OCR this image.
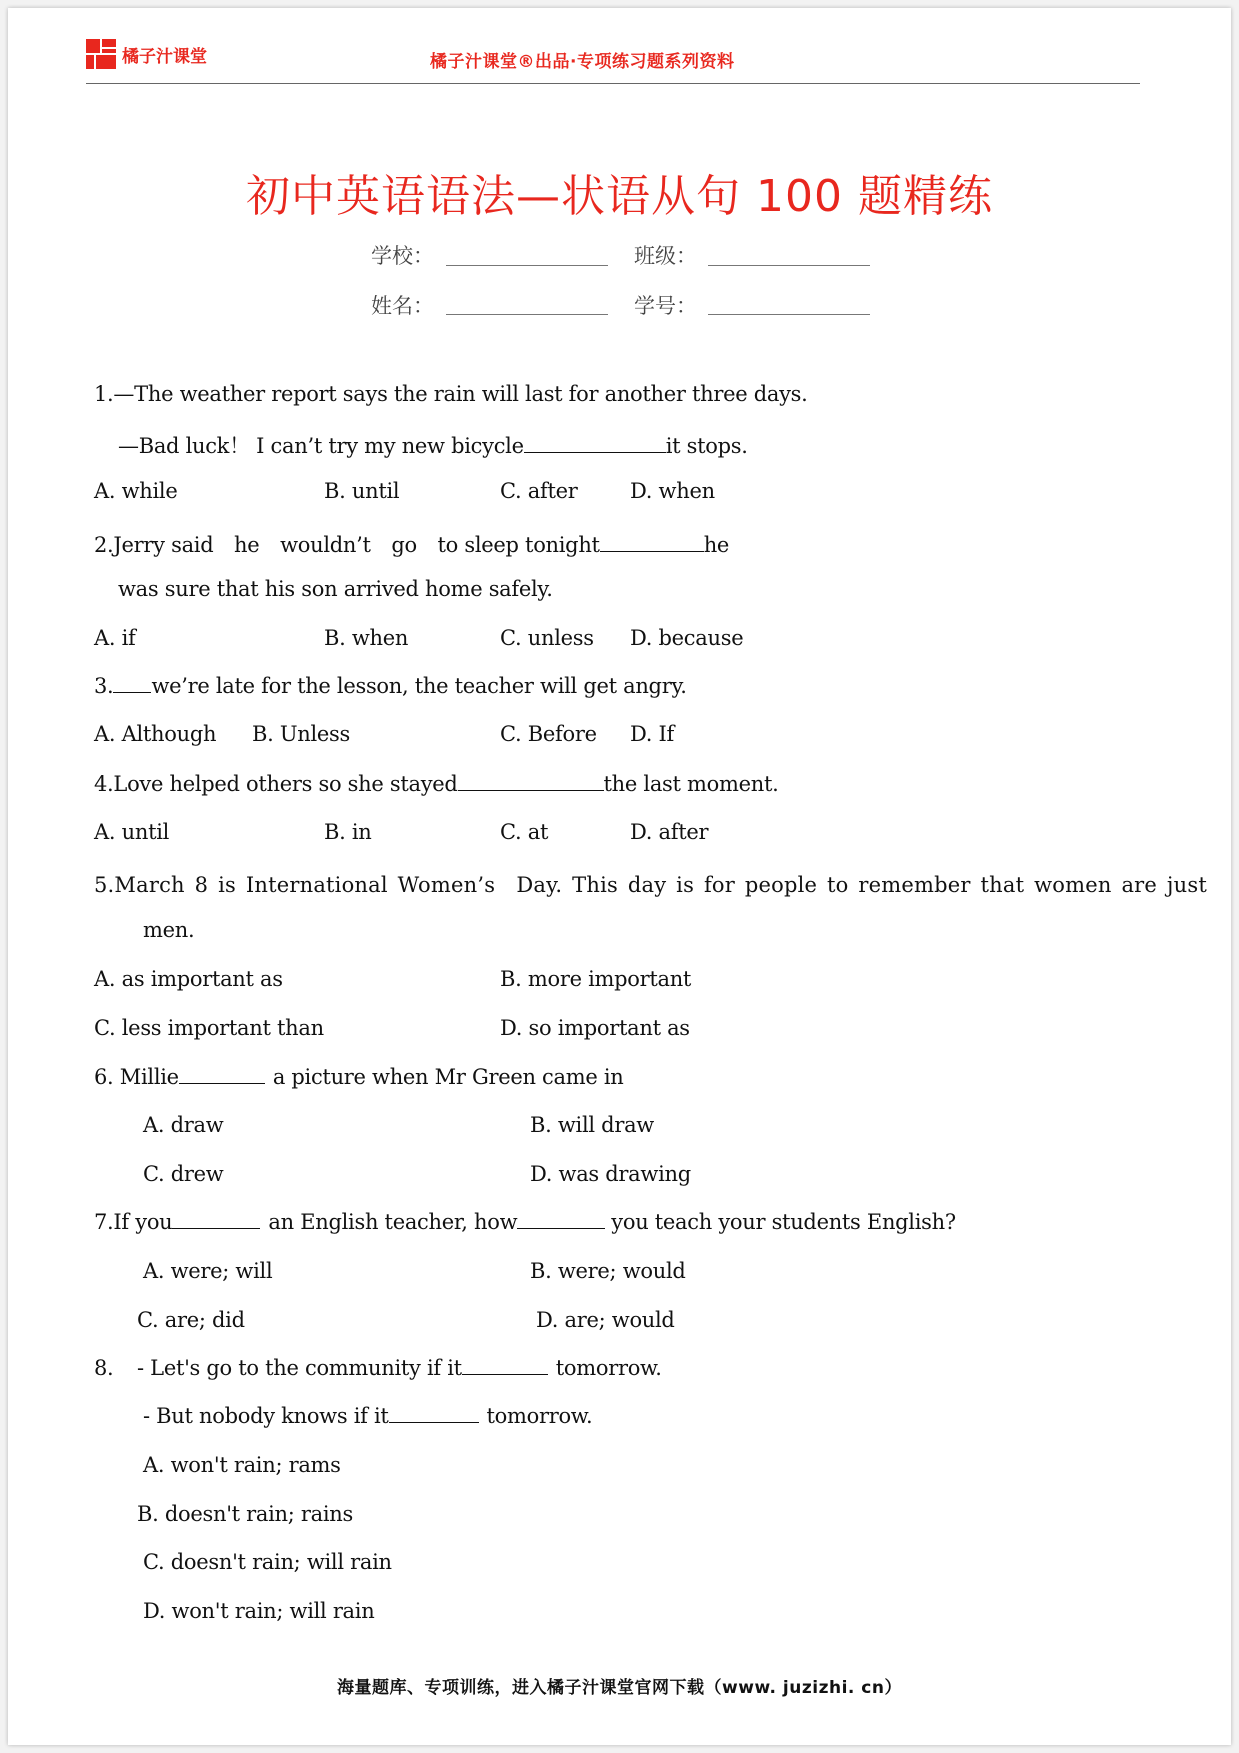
橘子汁课堂	橘子汁课堂®出品·专项练习题系列资料
初中英语语法—状语从句 100 题精练
学校：	班级：
姓名：	学号：
1.—The weather report says the rain will last for another three days.
—Bad luck！ I can’t try my new bicycle	it stops.
A. while	B. until	C. after	D. when
2.Jerry said　he　wouldn’t　go　to sleep tonight	he
was sure that his son arrived home safely.
A. if	B. when	C. unless D. because
3. we’re late for the lesson, the teacher will get angry.
A. Although B. Unless	C. Before D. If
4.Love helped others so she stayed	the last moment.
A. until	B. in	C. at	D. after
5.March 8 is International Women’s　Day. This day is for people to remember that women are just
men.
A. as important as	B. more important
C. less important than	D. so important as
6. Millie	a picture when Mr Green came in
A. draw	B. will draw
C. drew	D. was drawing
7.If you	an English teacher, how	you teach your students English?
A. were; will	B. were; would
C. are; did	D. are; would
8. - Let's go to the community if it	tomorrow.
- But nobody knows if it	tomorrow.
A. won't rain; rams
B. doesn't rain; rains
C. doesn't rain; will rain
D. won't rain; will rain
海量题库、专项训练，进入橘子汁课堂官网下载（www. juzizhi. cn）
